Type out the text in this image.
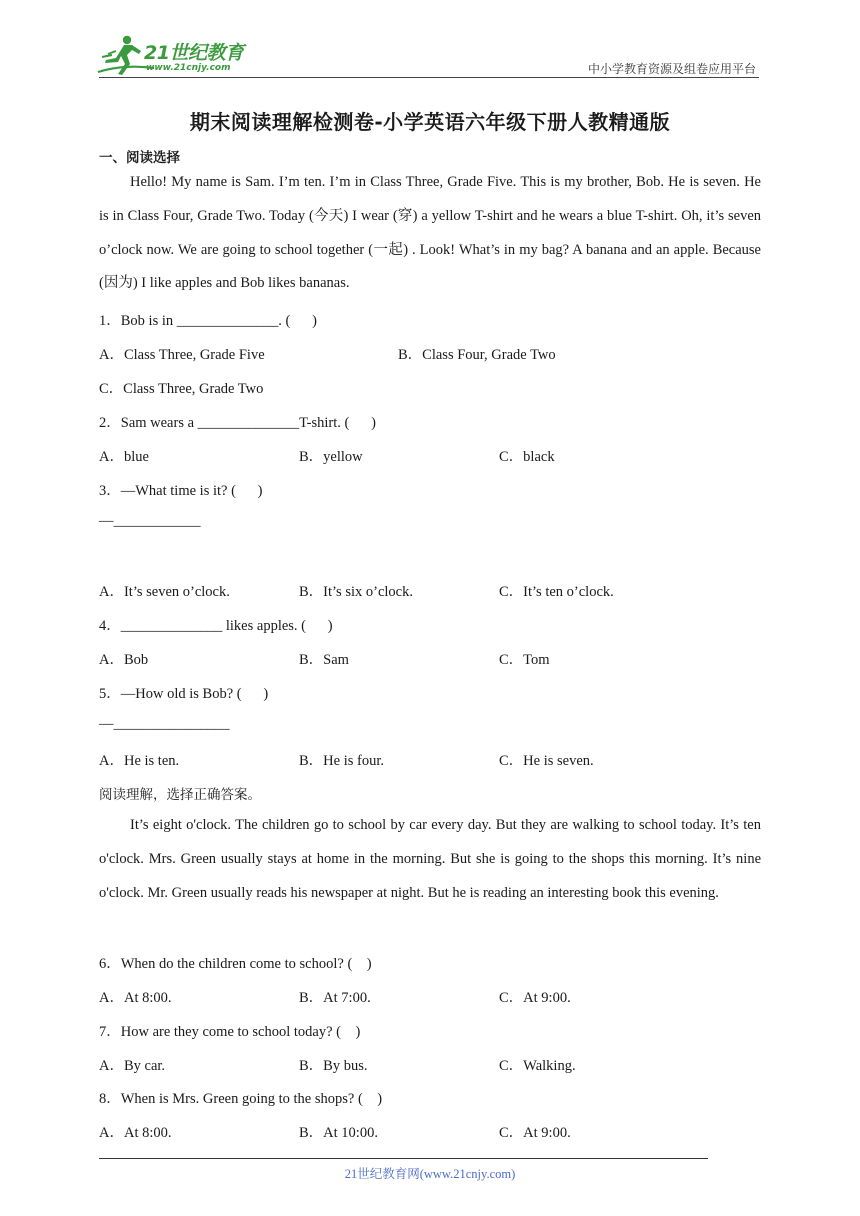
21世纪教育
www.21cnjy.com	中小学教育资源及组卷应用平台
期末阅读理解检测卷-小学英语六年级下册人教精通版
一、阅读选择

Hello! My name is Sam. I’m ten. I’m in Class Three, Grade Five. This is my brother, Bob. He is seven. He is in Class Four, Grade Two. Today (今天) I wear (穿) a yellow T-shirt and he wears a blue T-shirt. Oh, it’s seven o’clock now. We are going to school together (一起) . Look! What’s in my bag? A banana and an apple. Because (因为) I like apples and Bob likes bananas.

1．Bob is in ______________. (      )
A．Class Three, Grade Five	B．Class Four, Grade Two
C．Class Three, Grade Two
2．Sam wears a ______________T-shirt. (      )
A．blue	B．yellow	C．black
3．—What time is it? (      )
—____________
A．It’s seven o’clock.	B．It’s six o’clock.	C．It’s ten o’clock.
4．______________ likes apples. (      )
A．Bob	B．Sam	C．Tom
5．—How old is Bob? (      )
—________________
A．He is ten.	B．He is four.	C．He is seven.
阅读理解，选择正确答案。

It’s eight o'clock. The children go to school by car every day. But they are walking to school today. It’s ten o'clock. Mrs. Green usually stays at home in the morning. But she is going to the shops this morning. It’s nine o'clock. Mr. Green usually reads his newspaper at night. But he is reading an interesting book this evening.

6．When do the children come to school? (    )
A．At 8:00.	B．At 7:00.	C．At 9:00.
7．How are they come to school today? (    )
A．By car.	B．By bus.	C．Walking.
8．When is Mrs. Green going to the shops? (    )
A．At 8:00.	B．At 10:00.	C．At 9:00.
21世纪教育网(www.21cnjy.com)
